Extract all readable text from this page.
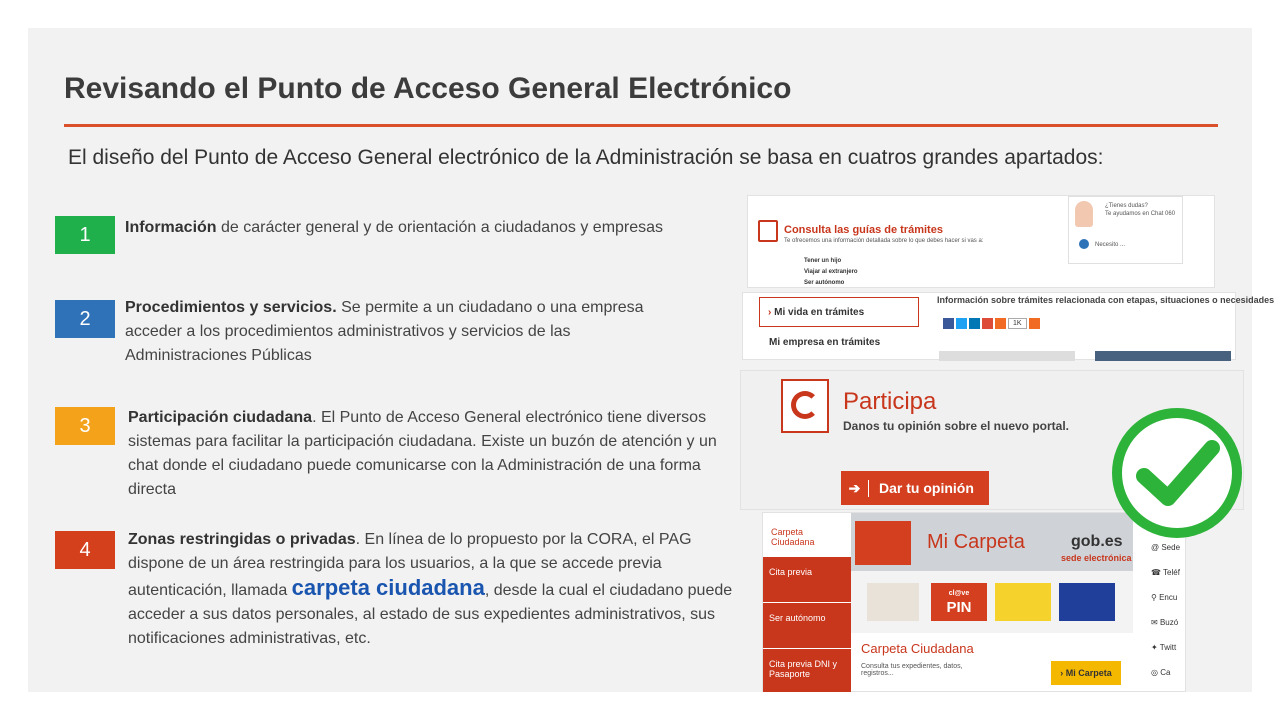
Revisando el Punto de Acceso General Electrónico
El diseño del Punto de Acceso General electrónico de la Administración se basa en cuatros grandes apartados:
1	Información de carácter general y de orientación a ciudadanos y empresas
2	Procedimientos y servicios. Se permite a un ciudadano o una empresa acceder a los procedimientos administrativos y servicios de las Administraciones Públicas
3	Participación ciudadana. El Punto de Acceso General electrónico tiene diversos sistemas para facilitar la participación ciudadana. Existe un buzón de atención y un chat donde el ciudadano puede comunicarse con la Administración de una forma directa
4	Zonas restringidas o privadas. En línea de lo propuesto por la CORA, el PAG dispone de un área restringida para los usuarios, a la que se accede previa autenticación, llamada carpeta ciudadana, desde la cual el ciudadano puede acceder a sus datos personales, al estado de sus expedientes administrativos, sus notificaciones administrativas, etc.
Consulta las guías de trámites
Te ofrecemos una información detallada sobre lo que debes hacer si vas a:
Tener un hijo
Viajar al extranjero
Ser autónomo
¿Tienes dudas?
Te ayudamos en Chat 060
Necesito ...
› Mi vida en trámites
Mi empresa en trámites
Información sobre trámites relacionada con etapas, situaciones o necesidades
1K
Participa
Danos tu opinión sobre el nuevo portal.
➔	Dar tu opinión
Carpeta Ciudadana
Cita previa
Ser autónomo
Cita previa DNI y Pasaporte
Mi Carpeta	gob.es
sede electrónica
cl@ve
PIN
Carpeta Ciudadana
Consulta tus expedientes, datos, registros...	› Mi Carpeta
@ Sede
☎ Teléf
⚲ Encu
✉ Buzó
✦ Twitt
◎ Ca
